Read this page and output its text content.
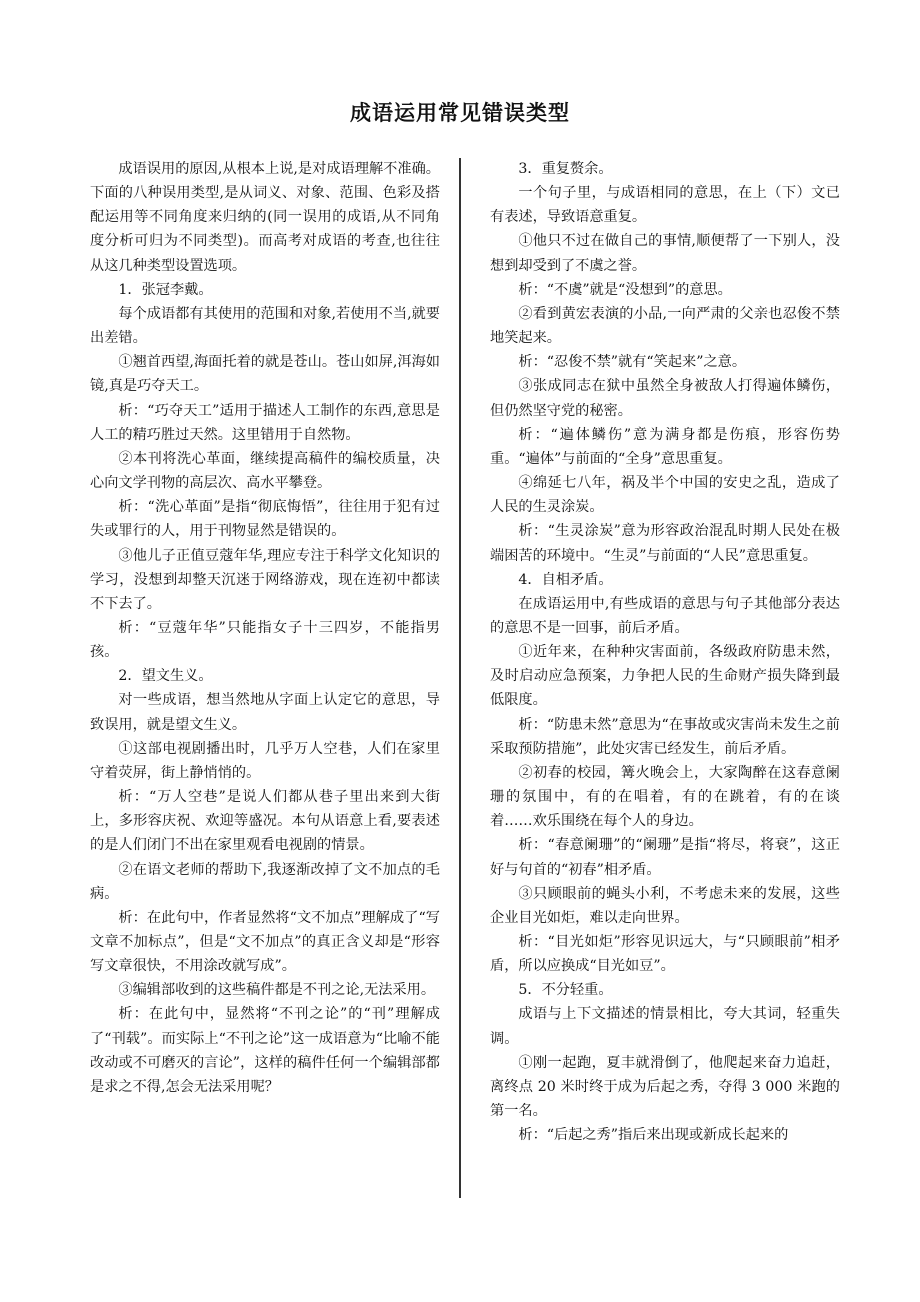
成语运用常见错误类型

成语误用的原因,从根本上说,是对成语理解不准确。下面的八种误用类型,是从词义、对象、范围、色彩及搭配运用等不同角度来归纳的(同一误用的成语,从不同角度分析可归为不同类型)。而高考对成语的考查,也往往从这几种类型设置选项。

1．张冠李戴。

每个成语都有其使用的范围和对象,若使用不当,就要出差错。

①翘首西望,海面托着的就是苍山。苍山如屏,洱海如镜,真是巧夺天工。

析：“巧夺天工”适用于描述人工制作的东西,意思是人工的精巧胜过天然。这里错用于自然物。

②本刊将洗心革面，继续提高稿件的编校质量，决心向文学刊物的高层次、高水平攀登。

析：“洗心革面”是指“彻底悔悟”，往往用于犯有过失或罪行的人，用于刊物显然是错误的。

③他儿子正值豆蔻年华,理应专注于科学文化知识的学习，没想到却整天沉迷于网络游戏，现在连初中都读不下去了。

析：“豆蔻年华”只能指女子十三四岁，不能指男孩。

2．望文生义。

对一些成语，想当然地从字面上认定它的意思，导致误用，就是望文生义。

①这部电视剧播出时，几乎万人空巷，人们在家里守着荧屏，街上静悄悄的。

析：“万人空巷”是说人们都从巷子里出来到大街上，多形容庆祝、欢迎等盛况。本句从语意上看,要表述的是人们闭门不出在家里观看电视剧的情景。

②在语文老师的帮助下,我逐渐改掉了文不加点的毛病。

析：在此句中，作者显然将“文不加点”理解成了“写文章不加标点”，但是“文不加点”的真正含义却是“形容写文章很快，不用涂改就写成”。

③编辑部收到的这些稿件都是不刊之论,无法采用。

析：在此句中，显然将“不刊之论”的“刊”理解成了“刊载”。而实际上“不刊之论”这一成语意为“比喻不能改动或不可磨灭的言论”，这样的稿件任何一个编辑部都是求之不得,怎会无法采用呢？

3．重复赘余。

一个句子里，与成语相同的意思，在上（下）文已有表述，导致语意重复。

①他只不过在做自己的事情,顺便帮了一下别人，没想到却受到了不虞之誉。

析：“不虞”就是“没想到”的意思。

②看到黄宏表演的小品,一向严肃的父亲也忍俊不禁地笑起来。

析：“忍俊不禁”就有“笑起来”之意。

③张成同志在狱中虽然全身被敌人打得遍体鳞伤，但仍然坚守党的秘密。

析：“遍体鳞伤”意为满身都是伤痕，形容伤势重。“遍体”与前面的“全身”意思重复。

④绵延七八年，祸及半个中国的安史之乱，造成了人民的生灵涂炭。

析：“生灵涂炭”意为形容政治混乱时期人民处在极端困苦的环境中。“生灵”与前面的“人民”意思重复。

4．自相矛盾。

在成语运用中,有些成语的意思与句子其他部分表达的意思不是一回事，前后矛盾。

①近年来，在种种灾害面前，各级政府防患未然，及时启动应急预案，力争把人民的生命财产损失降到最低限度。

析：“防患未然”意思为“在事故或灾害尚未发生之前采取预防措施”，此处灾害已经发生，前后矛盾。

②初春的校园，篝火晚会上，大家陶醉在这春意阑珊的氛围中，有的在唱着，有的在跳着，有的在谈着……欢乐围绕在每个人的身边。

析：“春意阑珊”的“阑珊”是指“将尽，将衰”，这正好与句首的“初春”相矛盾。

③只顾眼前的蝇头小利，不考虑未来的发展，这些企业目光如炬，难以走向世界。

析：“目光如炬”形容见识远大，与“只顾眼前”相矛盾，所以应换成“目光如豆”。

5．不分轻重。

成语与上下文描述的情景相比，夸大其词，轻重失调。

①刚一起跑，夏丰就滑倒了，他爬起来奋力追赶，离终点 20 米时终于成为后起之秀，夺得 3 000 米跑的第一名。

析：“后起之秀”指后来出现或新成长起来的
